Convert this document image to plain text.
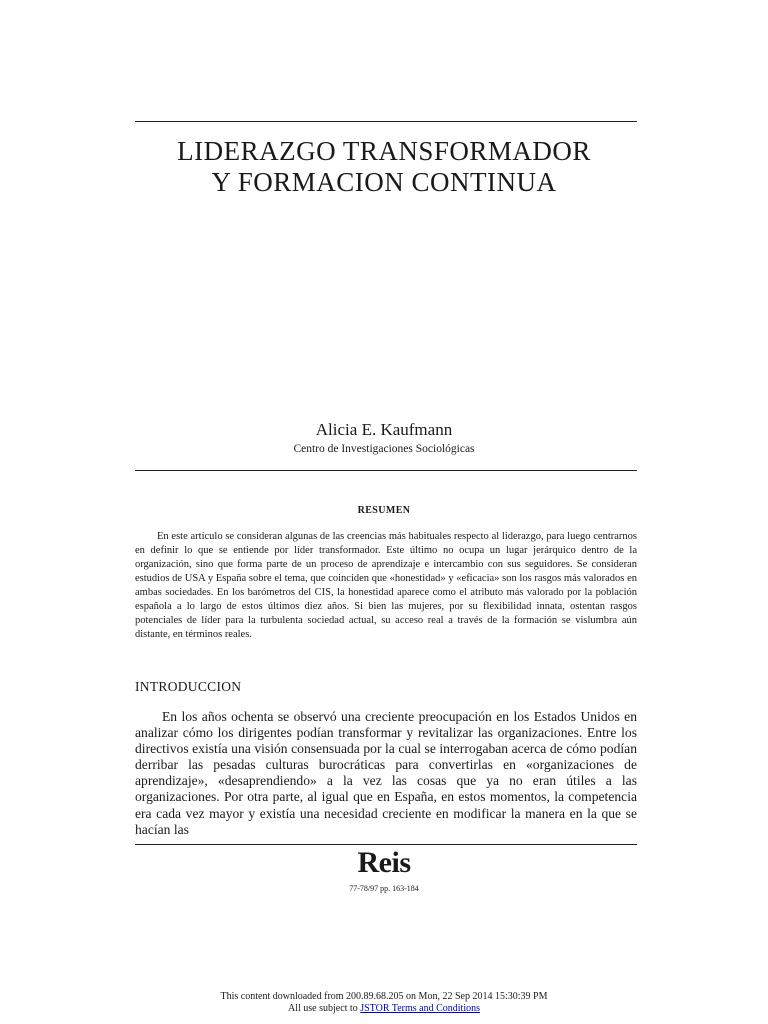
LIDERAZGO TRANSFORMADOR
Y FORMACION CONTINUA
Alicia E. Kaufmann
Centro de Investigaciones Sociológicas
RESUMEN

En este artículo se consideran algunas de las creencias más habituales respecto al liderazgo, para luego centrarnos en definir lo que se entiende por líder transformador. Este último no ocupa un lugar jerárquico dentro de la organización, sino que forma parte de un proceso de aprendizaje e intercambio con sus seguidores. Se consideran estudios de USA y España sobre el tema, que coinciden que «honestidad» y «eficacia» son los rasgos más valorados en ambas sociedades. En los barómetros del CIS, la honestidad aparece como el atributo más valorado por la población española a lo largo de estos últimos diez años. Si bien las mujeres, por su flexibilidad innata, ostentan rasgos potenciales de líder para la turbulenta sociedad actual, su acceso real a través de la formación se vislumbra aún distante, en términos reales.

INTRODUCCION

En los años ochenta se observó una creciente preocupación en los Estados Unidos en analizar cómo los dirigentes podían transformar y revitalizar las organizaciones. Entre los directivos existía una visión consensuada por la cual se interrogaban acerca de cómo podían derribar las pesadas culturas burocráticas para convertirlas en «organizaciones de aprendizaje», «desaprendiendo» a la vez las cosas que ya no eran útiles a las organizaciones. Por otra parte, al igual que en España, en estos momentos, la competencia era cada vez mayor y existía una necesidad creciente en modificar la manera en la que se hacían las

Reis
77-78/97 pp. 163-184
This content downloaded from 200.89.68.205 on Mon, 22 Sep 2014 15:30:39 PM
All use subject to JSTOR Terms and Conditions
